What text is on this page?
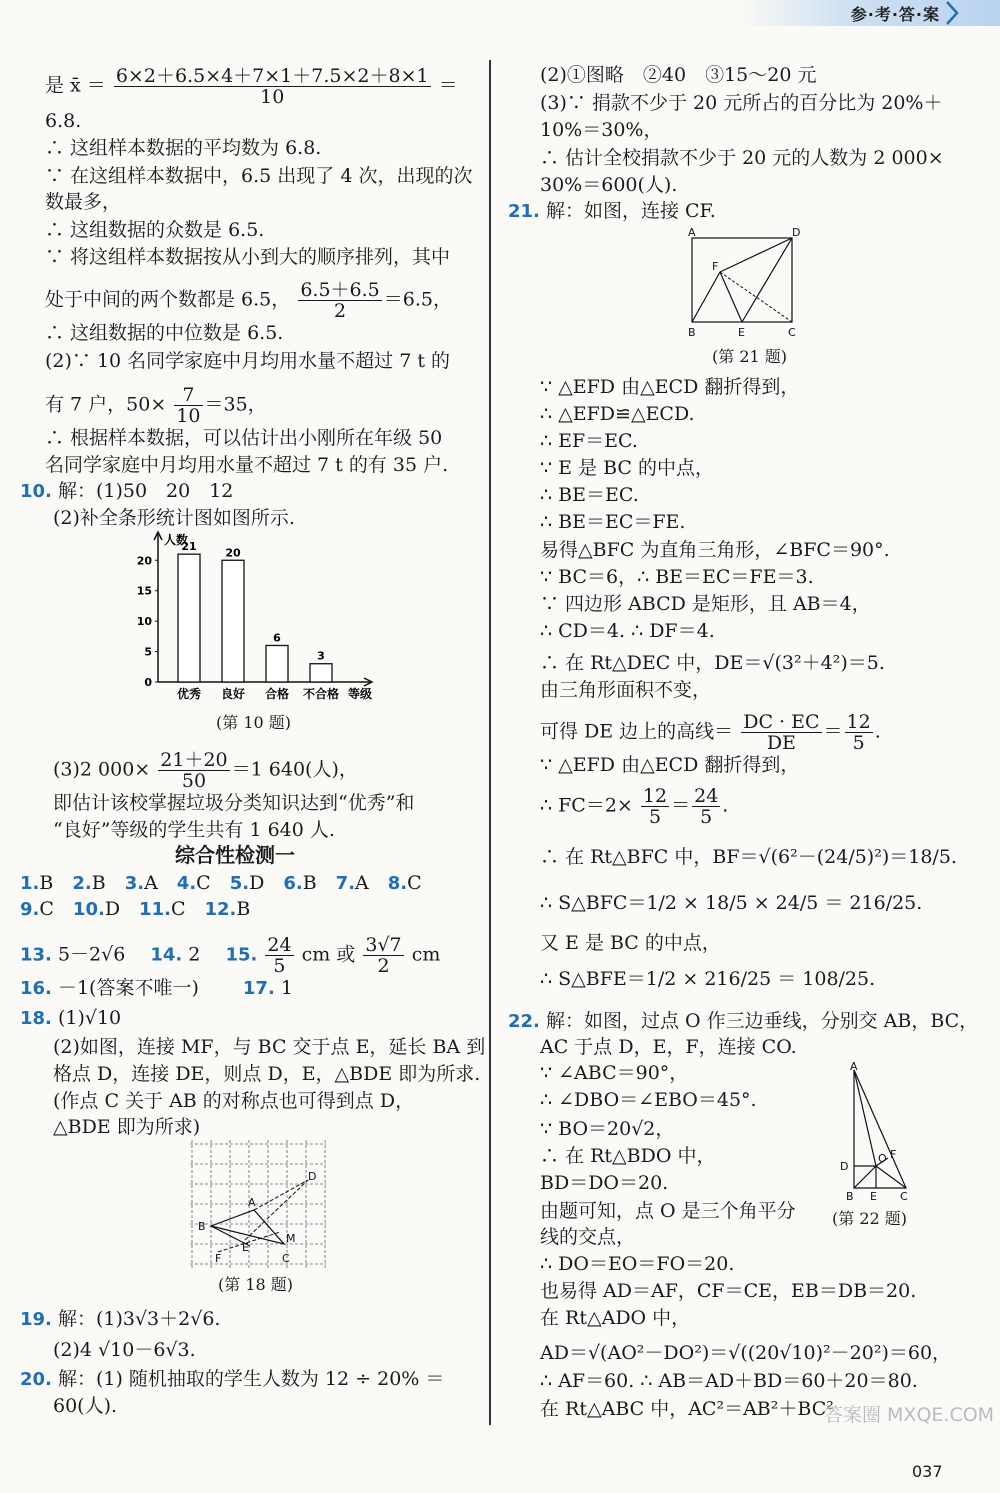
参·考·答·案
是 x̄ ＝ $\frac{6\times 2+6.5\times 4+7\times 1+7.5\times 2+8\times 1}{10}$ ＝
6.8.
∴ 这组样本数据的平均数为 6.8.
∵ 在这组样本数据中，6.5 出现了 4 次，出现的次
数最多，
∴ 这组数据的众数是 6.5.
∵ 将这组样本数据按从小到大的顺序排列，其中
处于中间的两个数都是 6.5， $\frac{6.5+6.5}{2} =6.5$，
∴ 这组数据的中位数是 6.5.
(2)∵ 10 名同学家庭中月均用水量不超过 7 t 的
有 7 户，$50\times \frac{7}{10} =35$，
∴ 根据样本数据，可以估计出小刚所在年级 50
名同学家庭中月均用水量不超过 7 t 的有 35 户.
10. 解：(1)50　20　12
(2)补全条形统计图如图所示.
人数
等级
0
5
10
15
20
21
优秀
20
良好
6
合格
3
不合格
(第 10 题)
(3)2 $000\times \frac{21+20}{50} =1$ 640(人)，
即估计该校掌握垃圾分类知识达到“优秀”和
“良好”等级的学生共有 1 640 人.
综合性检测一
1.B　2.B　3.A　4.C　5.D　6.B　7.A　8.C　
9.C　10.D　11.C　12.B　
13. 5－2√6　 14. 2　 15. $\frac{24}{5}$ cm 或 $\frac{3√7}{2}$ cm
16. －1(答案不唯一)　　 17. 1
18. (1)√10
(2)如图，连接 MF，与 BC 交于点 E，延长 BA 到
格点 D，连接 DE，则点 D，E，△BDE 即为所求.
(作点 C 关于 AB 的对称点也可得到点 D，
△BDE 即为所求)
B
A
M
D
E
F	C
(第 18 题)
19. 解：(1)3√3＋2√6.
(2)4 √10－6√3.
20. 解：(1) 随机抽取的学生人数为 12 ÷ 20% ＝
60(人).
(2)①图略　②40　③15～20 元
(3)∵ 捐款不少于 20 元所占的百分比为 20%＋
10%＝30%，
∴ 估计全校捐款不少于 20 元的人数为 2 000×
30%＝600(人).
21. 解：如图，连接 CF.
A	D
F
B	E	C
(第 21 题)
∵ △EFD 由△ECD 翻折得到，
∴ △EFD≌△ECD.
∴ EF＝EC.
∵ E 是 BC 的中点，
∴ BE＝EC.
∴ BE＝EC＝FE.
易得△BFC 为直角三角形，∠BFC＝90°.
∵ BC＝6，∴ BE＝EC＝FE＝3.
∵ 四边形 ABCD 是矩形，且 AB＝4，
∴ CD＝4. ∴ DF＝4.
∴ 在 Rt△DEC 中，DE＝√(3²＋4²)＝5.
由三角形面积不变，
可得 DE 边上的高线＝ $\frac{DC \cdot EC}{DE} = \frac{12}{5}$ .
∵ △EFD 由△ECD 翻折得到，
∴ $FC=2\times \frac{12}{5} = \frac{24}{5}$ .
∴ 在 Rt△BFC 中，BF＝√(6²－(24/5)²)＝18/5.
∴ S△BFC＝1/2 × 18/5 × 24/5 ＝ 216/25.
又 E 是 BC 的中点，
∴ S△BFE＝1/2 × 216/25 ＝ 108/25.
22. 解：如图，过点 O 作三边垂线，分别交 AB，BC，
AC 于点 D，E，F，连接 CO.
∵ ∠ABC＝90°，
∴ ∠DBO＝∠EBO＝45°.
∵ BO＝20√2，
∴ 在 Rt△BDO 中，
BD＝DO＝20.
由题可知，点 O 是三个角平分
线的交点，
A
D
O F
B E C
(第 22 题)
∴ DO＝EO＝FO＝20.
也易得 AD＝AF，CF＝CE，EB＝DB＝20.
在 Rt△ADO 中，
AD＝√(AO²－DO²)＝√((20√10)²－20²)＝60，
∴ AF＝60. ∴ AB＝AD＋BD＝60＋20＝80.
在 Rt△ABC 中，AC²＝AB²＋BC²
答案圈 MXQE.COM
037
